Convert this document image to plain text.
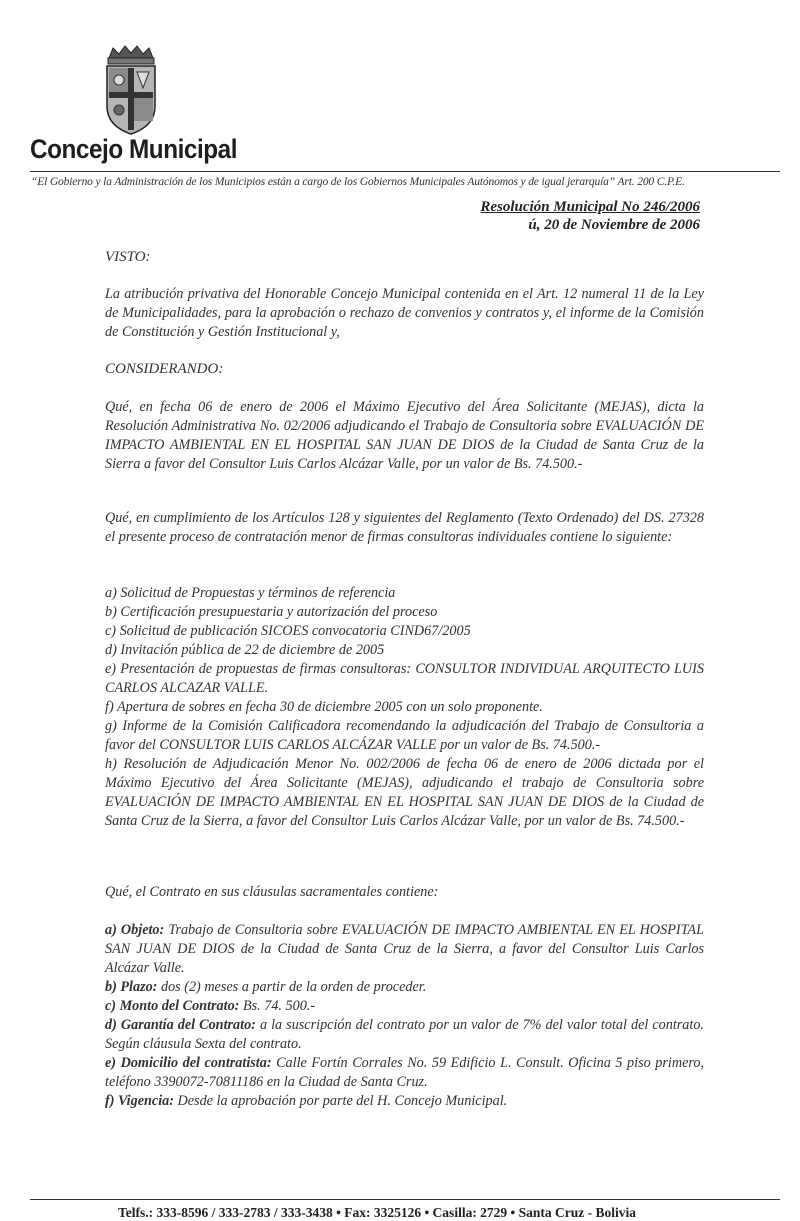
Concejo Municipal
“El Gobierno y la Administración de los Municipios están a cargo de los Gobiernos Municipales Autónomos y de igual jerarquía” Art. 200 C.P.E.
Resolución Municipal No 246/2006
ú, 20 de Noviembre de 2006
VISTO:
La atribución privativa del Honorable Concejo Municipal contenida en el Art. 12 numeral 11 de la Ley de Municipalidades, para la aprobación o rechazo de convenios y contratos y, el informe de la Comisión de Constitución y Gestión Institucional y,
CONSIDERANDO:
Qué, en fecha 06 de enero de 2006 el Máximo Ejecutivo del Área Solicitante (MEJAS), dicta la Resolución Administrativa No. 02/2006 adjudicando el Trabajo de Consultoria sobre EVALUACIÓN DE IMPACTO AMBIENTAL EN EL HOSPITAL SAN JUAN DE DIOS de la Ciudad de Santa Cruz de la Sierra a favor del Consultor Luis Carlos Alcázar Valle, por un valor de Bs. 74.500.-
Qué, en cumplimiento de los Artículos 128 y siguientes del Reglamento (Texto Ordenado) del DS. 27328 el presente proceso de contratación menor de firmas consultoras individuales contiene lo siguiente:

a) Solicitud de Propuestas y términos de referencia

b) Certificación presupuestaria y autorización del proceso

c) Solicitud de publicación SICOES convocatoria CIND67/2005

d) Invitación pública de 22 de diciembre de 2005

e) Presentación de propuestas de firmas consultoras: CONSULTOR INDIVIDUAL ARQUITECTO LUIS CARLOS ALCAZAR VALLE.

f) Apertura de sobres en fecha 30 de diciembre 2005 con un solo proponente.

g) Informe de la Comisión Calificadora recomendando la adjudicación del Trabajo de Consultoria a favor del CONSULTOR LUIS CARLOS ALCÁZAR VALLE por un valor de Bs. 74.500.-

h) Resolución de Adjudicación Menor No. 002/2006 de fecha 06 de enero de 2006 dictada por el Máximo Ejecutivo del Área Solicitante (MEJAS), adjudicando el trabajo de Consultoria sobre EVALUACIÓN DE IMPACTO AMBIENTAL EN EL HOSPITAL SAN JUAN DE DIOS de la Ciudad de Santa Cruz de la Sierra, a favor del Consultor Luis Carlos Alcázar Valle, por un valor de Bs. 74.500.-

Qué, el Contrato en sus cláusulas sacramentales contiene:

a) Objeto: Trabajo de Consultoria sobre EVALUACIÓN DE IMPACTO AMBIENTAL EN EL HOSPITAL SAN JUAN DE DIOS de la Ciudad de Santa Cruz de la Sierra, a favor del Consultor Luis Carlos Alcázar Valle.

b) Plazo: dos (2) meses a partir de la orden de proceder.

c) Monto del Contrato: Bs. 74. 500.-

d) Garantía del Contrato: a la suscripción del contrato por un valor de 7% del valor total del contrato. Según cláusula Sexta del contrato.

e) Domicilio del contratista: Calle Fortín Corrales No. 59 Edificio L. Consult. Oficina 5 piso primero, teléfono 3390072-70811186 en la Ciudad de Santa Cruz.

f) Vigencia: Desde la aprobación por parte del H. Concejo Municipal.

Telfs.: 333-8596 / 333-2783 / 333-3438 • Fax: 3325126 • Casilla: 2729 • Santa Cruz - Bolivia
